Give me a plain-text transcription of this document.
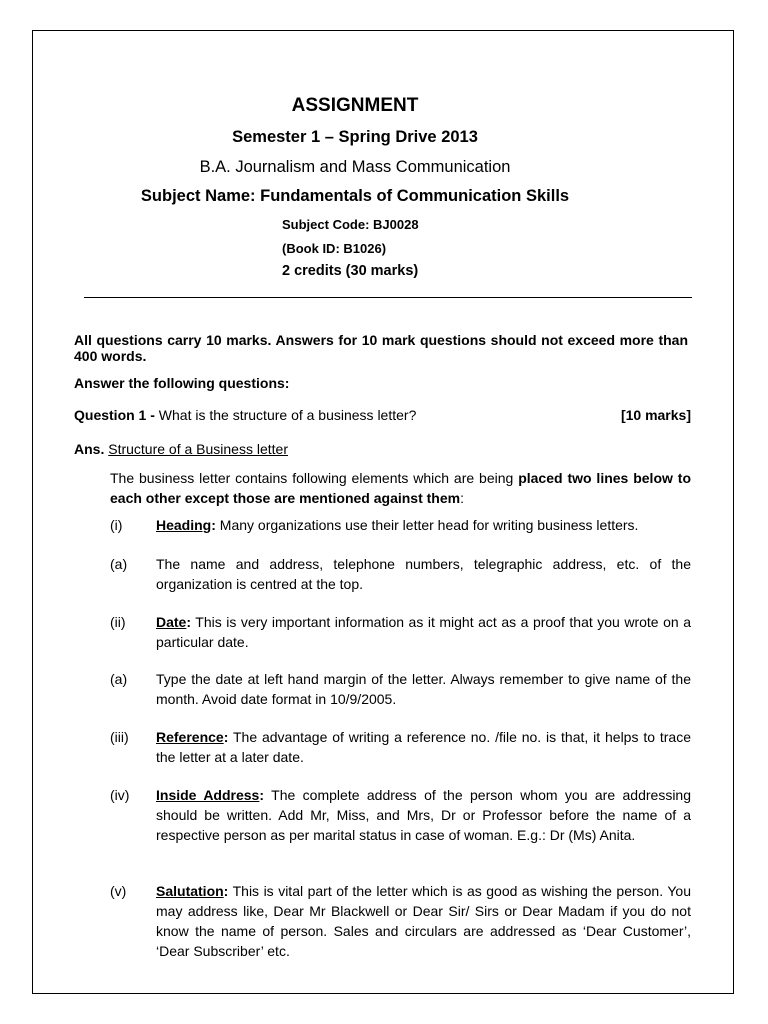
ASSIGNMENT
Semester 1 – Spring Drive 2013
B.A. Journalism and Mass Communication
Subject Name: Fundamentals of Communication Skills
Subject Code: BJ0028
(Book ID: B1026)
2 credits (30 marks)
All questions carry 10 marks. Answers for 10 mark questions should not exceed more than 400 words.
Answer the following questions:
Question 1 - What is the structure of a business letter?	[10 marks]
Ans. Structure of a Business letter
The business letter contains following elements which are being placed two lines below to each other except those are mentioned against them:
(i) Heading: Many organizations use their letter head for writing business letters.
(a) The name and address, telephone numbers, telegraphic address, etc. of the organization is centred at the top.
(ii) Date: This is very important information as it might act as a proof that you wrote on a particular date.
(a) Type the date at left hand margin of the letter. Always remember to give name of the month. Avoid date format in 10/9/2005.
(iii) Reference: The advantage of writing a reference no. /file no. is that, it helps to trace the letter at a later date.
(iv) Inside Address: The complete address of the person whom you are addressing should be written. Add Mr, Miss, and Mrs, Dr or Professor before the name of a respective person as per marital status in case of woman. E.g.: Dr (Ms) Anita.
(v) Salutation: This is vital part of the letter which is as good as wishing the person. You may address like, Dear Mr Blackwell or Dear Sir/ Sirs or Dear Madam if you do not know the name of person. Sales and circulars are addressed as ‘Dear Customer’, ‘Dear Subscriber’ etc.
